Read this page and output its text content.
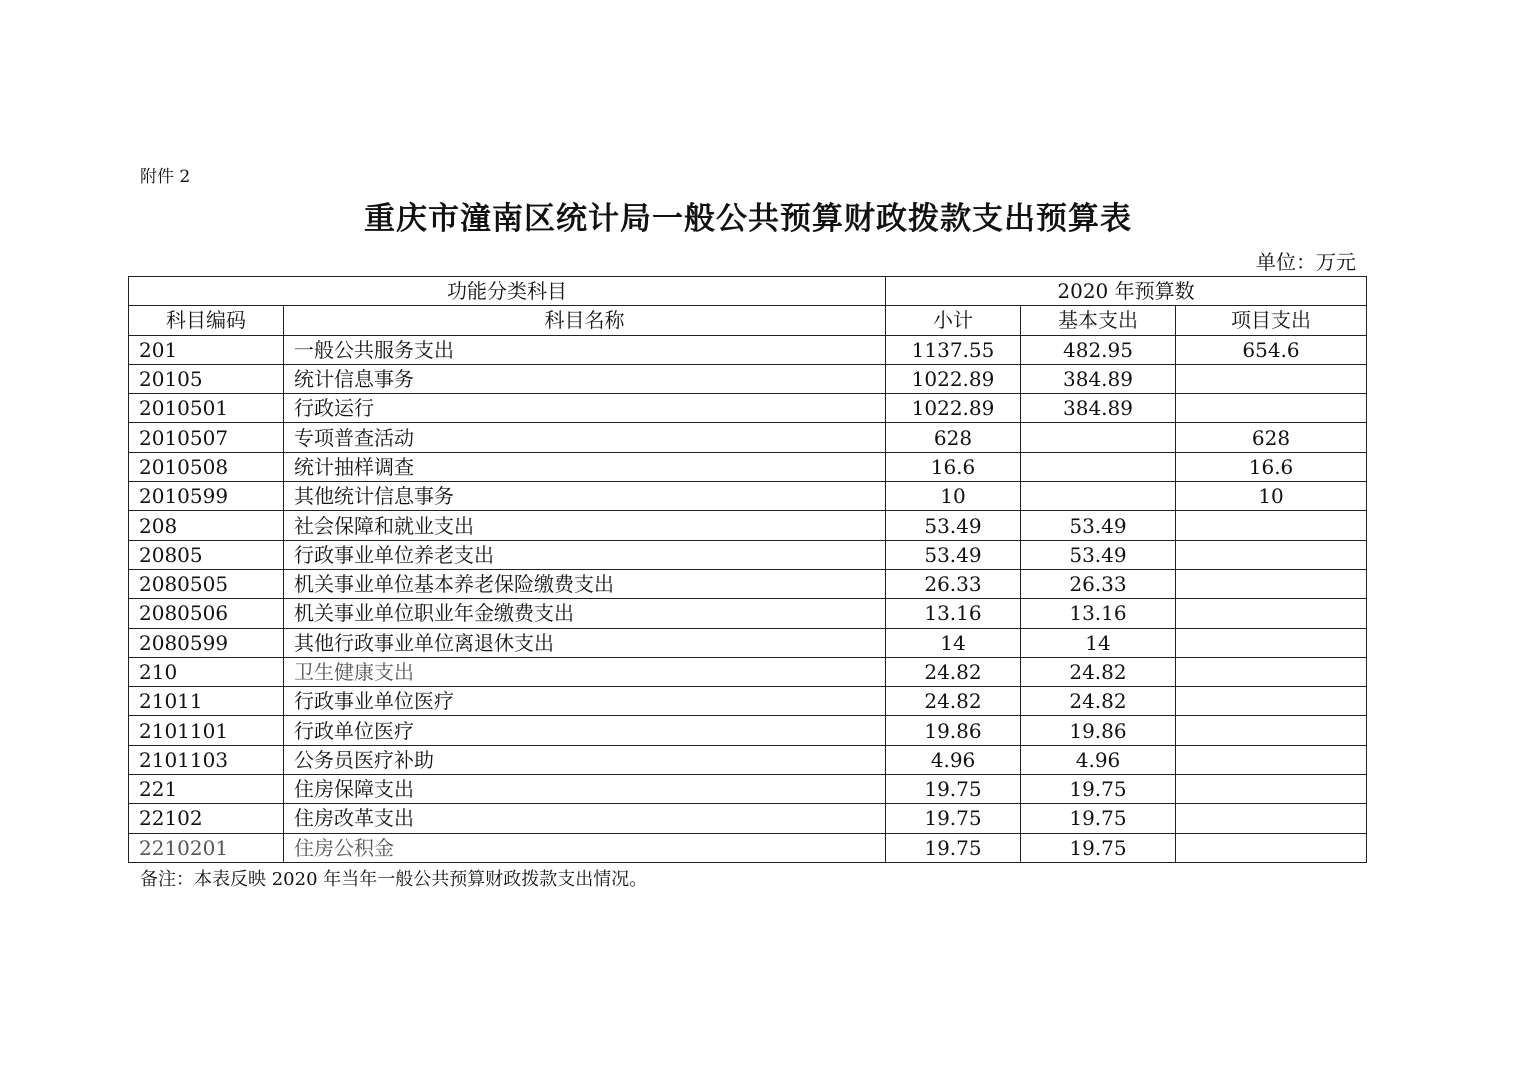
附件 2
重庆市潼南区统计局一般公共预算财政拨款支出预算表
单位：万元
功能分类科目		2020 年预算数		
科目编码	科目名称	小计	基本支出	项目支出
201	一般公共服务支出	1137.55	482.95	654.6
20105	统计信息事务	1022.89	384.89	
2010501	行政运行	1022.89	384.89	
2010507	专项普查活动	628		628
2010508	统计抽样调查	16.6		16.6
2010599	其他统计信息事务	10		10
208	社会保障和就业支出	53.49	53.49	
20805	行政事业单位养老支出	53.49	53.49	
2080505	机关事业单位基本养老保险缴费支出	26.33	26.33	
2080506	机关事业单位职业年金缴费支出	13.16	13.16	
2080599	其他行政事业单位离退休支出	14	14	
210	卫生健康支出	24.82	24.82	
21011	行政事业单位医疗	24.82	24.82	
2101101	行政单位医疗	19.86	19.86	
2101103	公务员医疗补助	4.96	4.96	
221	住房保障支出	19.75	19.75	
22102	住房改革支出	19.75	19.75	
2210201	住房公积金	19.75	19.75	
备注：本表反映 2020 年当年一般公共预算财政拨款支出情况。
